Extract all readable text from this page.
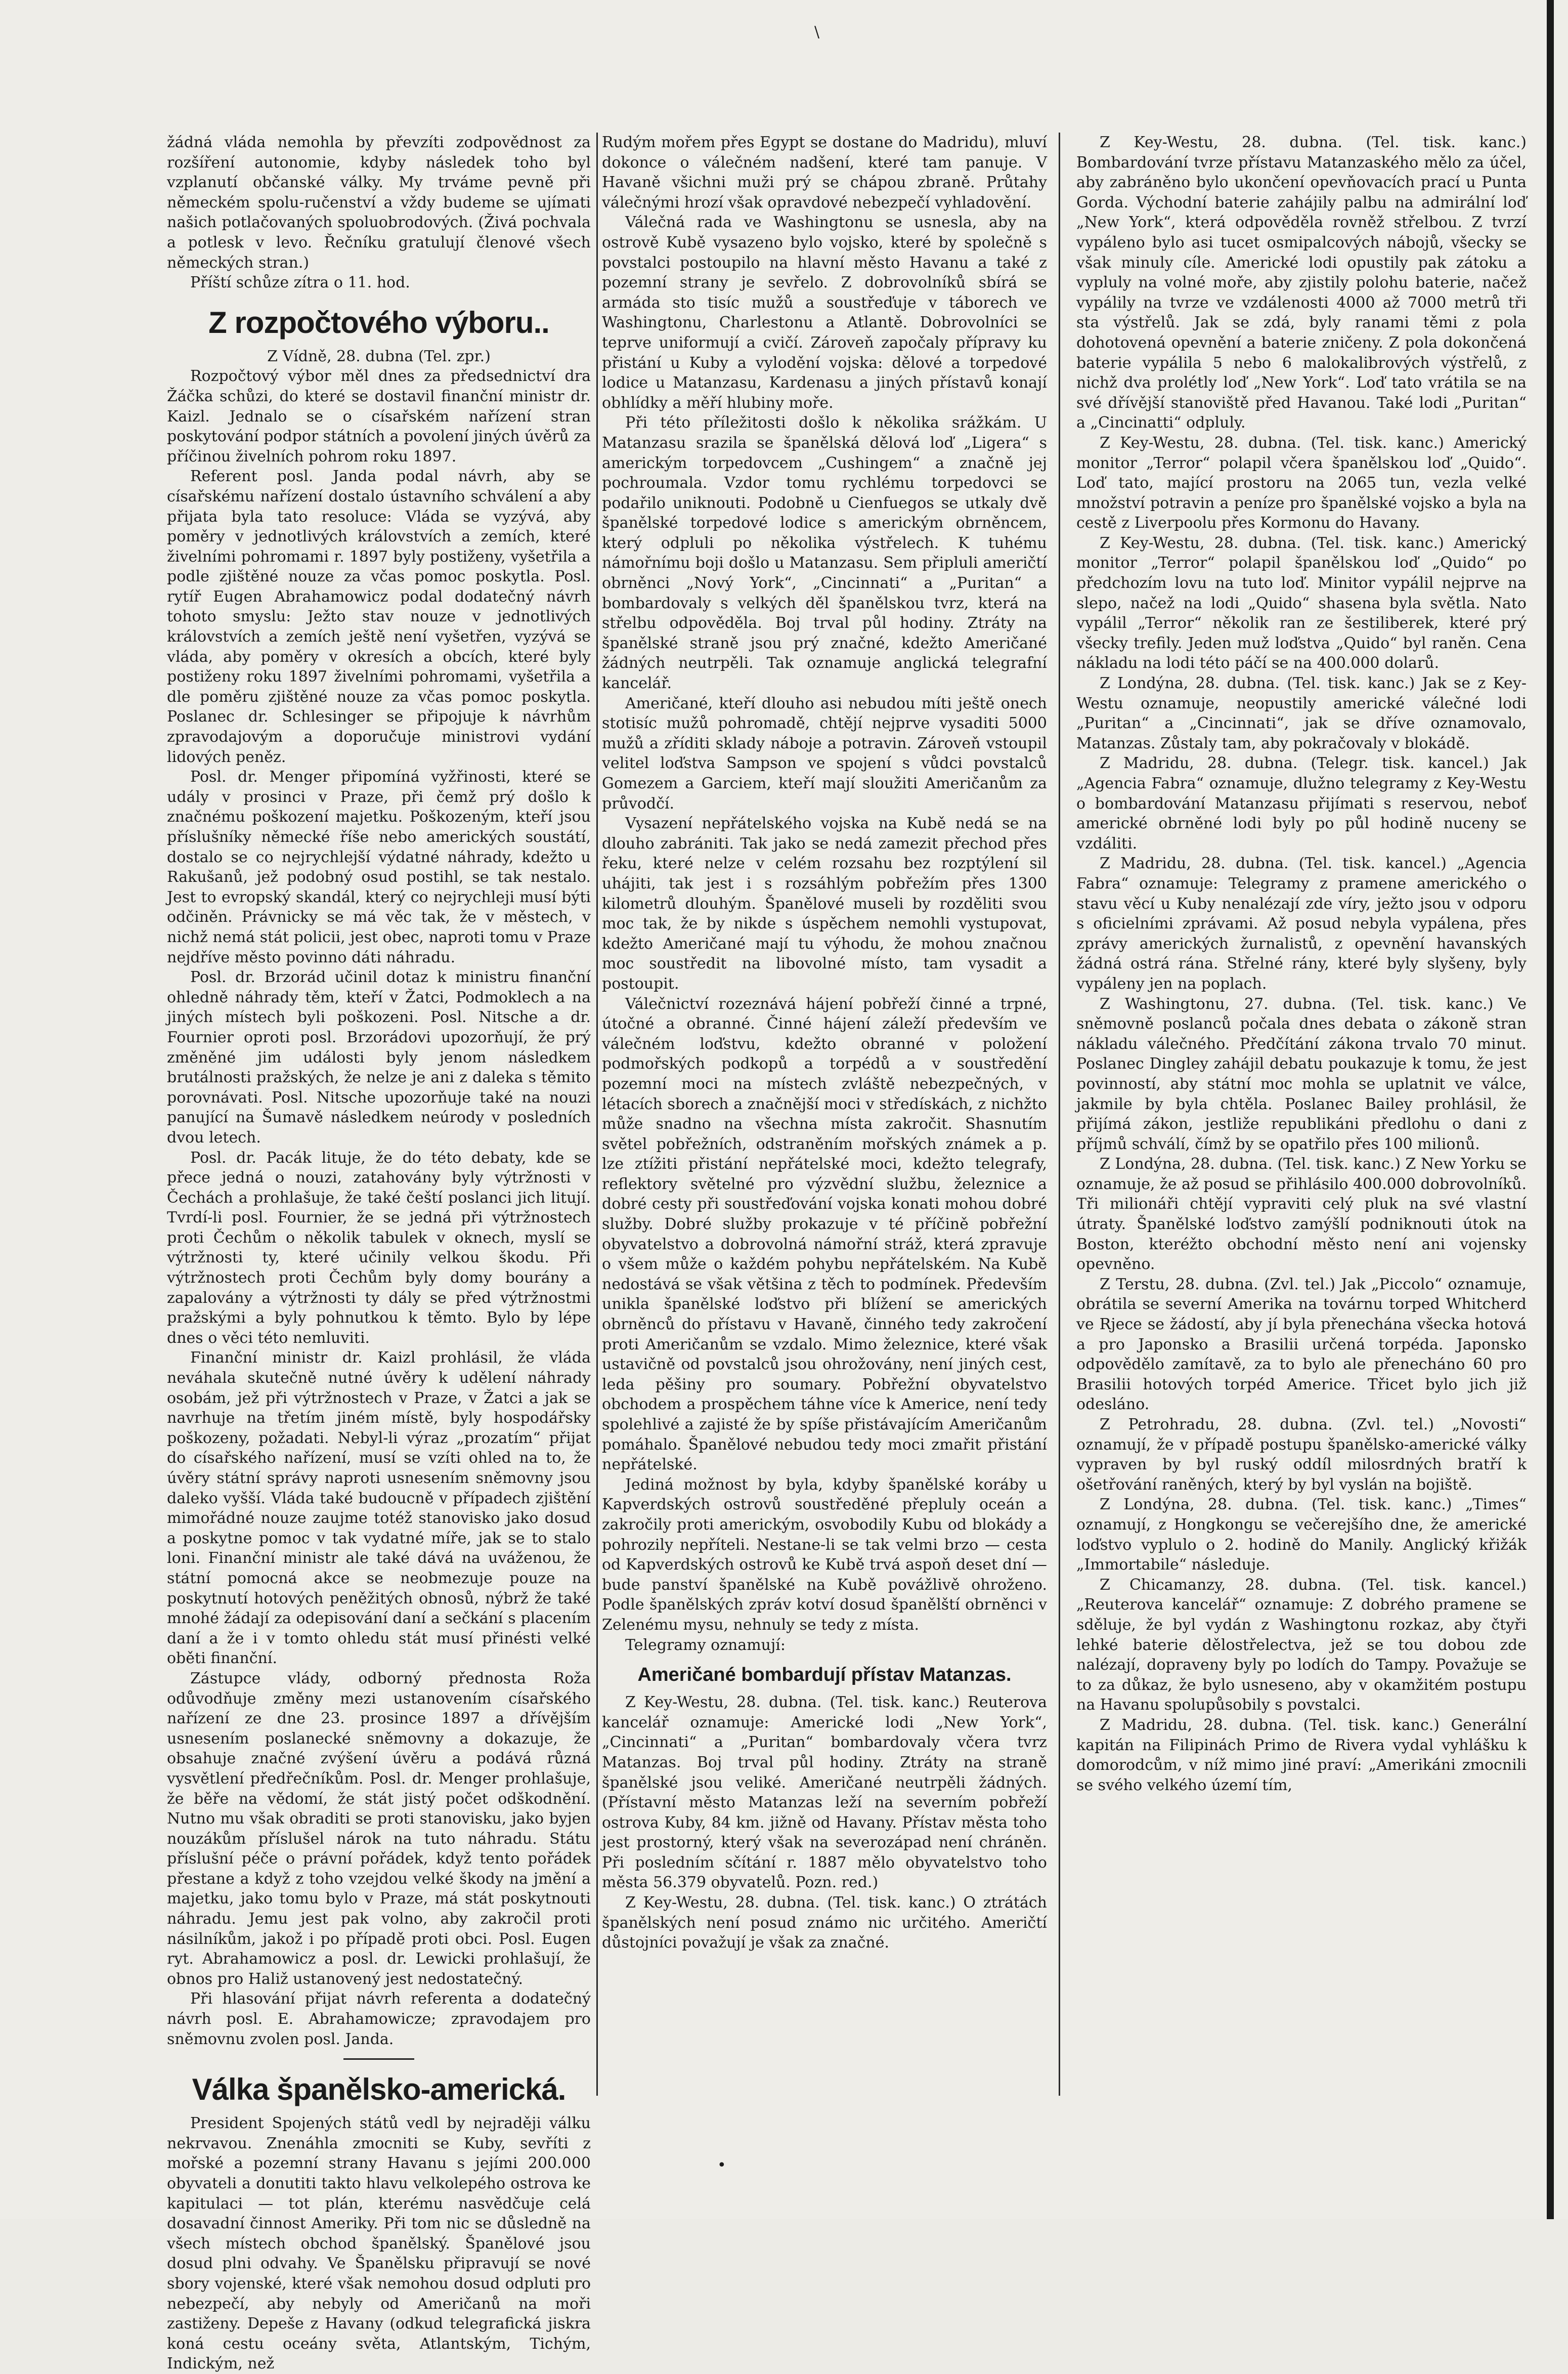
\

žádná vláda nemohla by převzíti zodpovědnost za rozšíření autonomie, kdyby následek toho byl vzplanutí občanské války. My trváme pevně při německém spolu-ručenství a vždy budeme se ujímati našich potlačovaných spoluobrodových. (Živá pochvala a potlesk v levo. Řečníku gratulují členové všech německých stran.)

Příští schůze zítra o 11. hod.

Z rozpočtového výboru..

Z Vídně, 28. dubna (Tel. zpr.)

Rozpočtový výbor měl dnes za předsednictví dra Žáčka schůzi, do které se dostavil finanční ministr dr. Kaizl. Jednalo se o císařském nařízení stran poskytování podpor státních a povolení jiných úvěrů za příčinou živelních pohrom roku 1897.

Referent posl. Janda podal návrh, aby se císařskému nařízení dostalo ústavního schválení a aby přijata byla tato resoluce: Vláda se vyzývá, aby poměry v jednotlivých královstvích a zemích, které živelními pohromami r. 1897 byly postiženy, vyšetřila a podle zjištěné nouze za včas pomoc poskytla. Posl. rytíř Eugen Abrahamowicz podal dodatečný návrh tohoto smyslu: Ježto stav nouze v jednotlivých královstvích a zemích ještě není vyšetřen, vyzývá se vláda, aby poměry v okresích a obcích, které byly postiženy roku 1897 živelními pohromami, vyšetřila a dle poměru zjištěné nouze za včas pomoc poskytla. Poslanec dr. Schlesinger se připojuje k návrhům zpravodajovým a doporučuje ministrovi vydání lidových peněz.

Posl. dr. Menger připomíná vyžřinosti, které se udály v prosinci v Praze, při čemž prý došlo k značnému poškození majetku. Poškozeným, kteří jsou příslušníky německé říše nebo amerických soustátí, dostalo se co nejrychlejší výdatné náhrady, kdežto u Rakušanů, jež podobný osud postihl, se tak nestalo. Jest to evropský skandál, který co nejrychleji musí býti odčiněn. Právnicky se má věc tak, že v městech, v nichž nemá stát policii, jest obec, naproti tomu v Praze nejdříve město povinno dáti náhradu.

Posl. dr. Brzorád učinil dotaz k ministru finanční ohledně náhrady těm, kteří v Žatci, Podmoklech a na jiných místech byli poškozeni. Posl. Nitsche a dr. Fournier oproti posl. Brzorádovi upozorňují, že prý změněné jim události byly jenom následkem brutálnosti pražských, že nelze je ani z daleka s těmito porovnávati. Posl. Nitsche upozorňuje také na nouzi panující na Šumavě následkem neúrody v posledních dvou letech.

Posl. dr. Pacák lituje, že do této debaty, kde se přece jedná o nouzi, zatahovány byly výtržnosti v Čechách a prohlašuje, že také čeští poslanci jich litují. Tvrdí-li posl. Fournier, že se jedná při výtržnostech proti Čechům o několik tabulek v oknech, myslí se výtržnosti ty, které učinily velkou škodu. Při výtržnostech proti Čechům byly domy bourány a zapalovány a výtržnosti ty dály se před výtržnostmi pražskými a byly pohnutkou k těmto. Bylo by lépe dnes o věci této nemluviti.

Finanční ministr dr. Kaizl prohlásil, že vláda neváhala skutečně nutné úvěry k udělení náhrady osobám, jež při výtržnostech v Praze, v Žatci a jak se navrhuje na třetím jiném místě, byly hospodářsky poškozeny, požadati. Nebyl-li výraz „prozatím“ přijat do císařského nařízení, musí se vzíti ohled na to, že úvěry státní správy naproti usnesením sněmovny jsou daleko vyšší. Vláda také budoucně v případech zjištění mimořádné nouze zaujme totéž stanovisko jako dosud a poskytne pomoc v tak vydatné míře, jak se to stalo loni. Finanční ministr ale také dává na uváženou, že státní pomocná akce se neobmezuje pouze na poskytnutí hotových peněžitých obnosů, nýbrž že také mnohé žádají za odepisování daní a sečkání s placením daní a že i v tomto ohledu stát musí přinésti velké oběti finanční.

Zástupce vlády, odborný přednosta Roža odůvodňuje změny mezi ustanovením císařského nařízení ze dne 23. prosince 1897 a dřívějším usnesením poslanecké sněmovny a dokazuje, že obsahuje značné zvýšení úvěru a podává různá vysvětlení předřečníkům. Posl. dr. Menger prohlašuje, že běře na vědomí, že stát jistý počet odškodnění. Nutno mu však obraditi se proti stanovisku, jako byjen nouzákům příslušel nárok na tuto náhradu. Státu příslušní péče o právní pořádek, když tento pořádek přestane a když z toho vzejdou velké škody na jmění a majetku, jako tomu bylo v Praze, má stát poskytnouti náhradu. Jemu jest pak volno, aby zakročil proti násilníkům, jakož i po případě proti obci. Posl. Eugen ryt. Abrahamowicz a posl. dr. Lewicki prohlašují, že obnos pro Haliž ustanovený jest nedostatečný.

Při hlasování přijat návrh referenta a dodatečný návrh posl. E. Abrahamowicze; zpravodajem pro sněmovnu zvolen posl. Janda.

Válka španělsko-americká.

President Spojených států vedl by nejraději válku nekrvavou. Znenáhla zmocniti se Kuby, sevříti z mořské a pozemní strany Havanu s jejími 200.000 obyvateli a donutiti takto hlavu velkolepého ostrova ke kapitulaci — tot plán, kterému nasvědčuje celá dosavadní činnost Ameriky. Při tom nic se důsledně na všech místech obchod španělský. Španělové jsou dosud plni odvahy. Ve Španělsku připravují se nové sbory vojenské, které však nemohou dosud odpluti pro nebezpečí, aby nebyly od Američanů na moři zastiženy. Depeše z Havany (odkud telegrafická jiskra koná cestu oceány světa, Atlantským, Tichým, Indickým, než

Rudým mořem přes Egypt se dostane do Madridu), mluví dokonce o válečném nadšení, které tam panuje. V Havaně všichni muži prý se chápou zbraně. Průtahy válečnými hrozí však opravdové nebezpečí vyhladovění.

Válečná rada ve Washingtonu se usnesla, aby na ostrově Kubě vysazeno bylo vojsko, které by společně s povstalci postoupilo na hlavní město Havanu a také z pozemní strany je sevřelo. Z dobrovolníků sbírá se armáda sto tisíc mužů a soustřeďuje v táborech ve Washingtonu, Charlestonu a Atlantě. Dobrovolníci se teprve uniformují a cvičí. Zároveň započaly přípravy ku přistání u Kuby a vylodění vojska: dělové a torpedové lodice u Matanzasu, Kardenasu a jiných přístavů konají obhlídky a měří hlubiny moře.

Při této příležitosti došlo k několika srážkám. U Matanzasu srazila se španělská dělová loď „Ligera“ s americkým torpedovcem „Cushingem“ a značně jej pochroumala. Vzdor tomu rychlému torpedovci se podařilo uniknouti. Podobně u Cienfuegos se utkaly dvě španělské torpedové lodice s americkým obrněncem, který odpluli po několika výstřelech. K tuhému námořnímu boji došlo u Matanzasu. Sem připluli američtí obrněnci „Nový York“, „Cincinnati“ a „Puritan“ a bombardovaly s velkých děl španělskou tvrz, která na střelbu odpověděla. Boj trval půl hodiny. Ztráty na španělské straně jsou prý značné, kdežto Američané žádných neutrpěli. Tak oznamuje anglická telegrafní kancelář.

Američané, kteří dlouho asi nebudou míti ještě onech stotisíc mužů pohromadě, chtějí nejprve vysaditi 5000 mužů a zříditi sklady náboje a potravin. Zároveň vstoupil velitel loďstva Sampson ve spojení s vůdci povstalců Gomezem a Garciem, kteří mají sloužiti Američanům za průvodčí.

Vysazení nepřátelského vojska na Kubě nedá se na dlouho zabrániti. Tak jako se nedá zamezit přechod přes řeku, které nelze v celém rozsahu bez rozptýlení sil uhájiti, tak jest i s rozsáhlým pobřežím přes 1300 kilometrů dlouhým. Španělové museli by rozděliti svou moc tak, že by nikde s úspěchem nemohli vystupovat, kdežto Američané mají tu výhodu, že mohou značnou moc soustředit na libovolné místo, tam vysadit a postoupit.

Válečnictví rozeznává hájení pobřeží činné a trpné, útočné a obranné. Činné hájení záleží především ve válečném loďstvu, kdežto obranné v položení podmořských podkopů a torpédů a v soustředění pozemní moci na místech zvláště nebezpečných, v létacích sborech a značnější moci v středískách, z nichžto může snadno na všechna místa zakročit. Shasnutím světel pobřežních, odstraněním mořských známek a p. lze ztížiti přistání nepřátelské moci, kdežto telegrafy, reflektory světelné pro výzvědní službu, železnice a dobré cesty při soustřeďování vojska konati mohou dobré služby. Dobré služby prokazuje v té příčině pobřežní obyvatelstvo a dobrovolná námořní stráž, která zpravuje o všem může o každém pohybu nepřátelském. Na Kubě nedostává se však většina z těch to podmínek. Především unikla španělské loďstvo při blížení se amerických obrněnců do přístavu v Havaně, činného tedy zakročení proti Američanům se vzdalo. Mimo železnice, které však ustavičně od povstalců jsou ohrožovány, není jiných cest, leda pěšiny pro soumary. Pobřežní obyvatelstvo obchodem a prospěchem táhne více k Americe, není tedy spolehlivé a zajisté že by spíše přistávajícím Američanům pomáhalo. Španělové nebudou tedy moci zmařit přistání nepřátelské.

Jediná možnost by byla, kdyby španělské koráby u Kapverdských ostrovů soustředěné přepluly oceán a zakročily proti americkým, osvobodily Kubu od blokády a pohrozily nepříteli. Nestane-li se tak velmi brzo — cesta od Kapverdských ostrovů ke Kubě trvá aspoň deset dní — bude panství španělské na Kubě povážlivě ohroženo. Podle španělských zpráv kotví dosud španělští obrněnci v Zelenému mysu, nehnuly se tedy z místa.

Telegramy oznamují:

Američané bombardují přístav Matanzas.

Z Key-Westu, 28. dubna. (Tel. tisk. kanc.) Reuterova kancelář oznamuje: Americké lodi „New York“, „Cincinnati“ a „Puritan“ bombardovaly včera tvrz Matanzas. Boj trval půl hodiny. Ztráty na straně španělské jsou veliké. Američané neutrpěli žádných. (Přístavní město Matanzas leží na severním pobřeží ostrova Kuby, 84 km. jižně od Havany. Přístav města toho jest prostorný, který však na severozápad není chráněn. Při posledním sčítání r. 1887 mělo obyvatelstvo toho města 56.379 obyvatelů. Pozn. red.)

Z Key-Westu, 28. dubna. (Tel. tisk. kanc.) O ztrátách španělských není posud známo nic určitého. Američtí důstojníci považují je však za značné.

Z Key-Westu, 28. dubna. (Tel. tisk. kanc.) Bombardování tvrze přístavu Matanzaského mělo za účel, aby zabráněno bylo ukončení opevňovacích prací u Punta Gorda. Východní baterie zahájily palbu na admirální loď „New York“, která odpověděla rovněž střelbou. Z tvrzí vypáleno bylo asi tucet osmipalcových nábojů, všecky se však minuly cíle. Americké lodi opustily pak zátoku a vypluly na volné moře, aby zjistily polohu baterie, načež vypálily na tvrze ve vzdálenosti 4000 až 7000 metrů tři sta výstřelů. Jak se zdá, byly ranami těmi z pola dohotovená opevnění a baterie zničeny. Z pola dokončená baterie vypálila 5 nebo 6 malokalibrových výstřelů, z nichž dva prolétly loď „New York“. Loď tato vrátila se na své dřívější stanoviště před Havanou. Také lodi „Puritan“ a „Cincinatti“ odpluly.

Z Key-Westu, 28. dubna. (Tel. tisk. kanc.) Americký monitor „Terror“ polapil včera španělskou loď „Quido“. Loď tato, mající prostoru na 2065 tun, vezla velké množství potravin a peníze pro španělské vojsko a byla na cestě z Liverpoolu přes Kormonu do Havany.

Z Key-Westu, 28. dubna. (Tel. tisk. kanc.) Americký monitor „Terror“ polapil španělskou loď „Quido“ po předchozím lovu na tuto loď. Minitor vypálil nejprve na slepo, načež na lodi „Quido“ shasena byla světla. Nato vypálil „Terror“ několik ran ze šestiliberek, které prý všecky trefily. Jeden muž loďstva „Quido“ byl raněn. Cena nákladu na lodi této páčí se na 400.000 dolarů.

Z Londýna, 28. dubna. (Tel. tisk. kanc.) Jak se z Key-Westu oznamuje, neopustily americké válečné lodi „Puritan“ a „Cincinnati“, jak se dříve oznamovalo, Matanzas. Zůstaly tam, aby pokračovaly v blokádě.

Z Madridu, 28. dubna. (Telegr. tisk. kancel.) Jak „Agencia Fabra“ oznamuje, dlužno telegramy z Key-Westu o bombardování Matanzasu přijímati s reservou, neboť americké obrněné lodi byly po půl hodině nuceny se vzdáliti.

Z Madridu, 28. dubna. (Tel. tisk. kancel.) „Agencia Fabra“ oznamuje: Telegramy z pramene amerického o stavu věcí u Kuby nenalézají zde víry, ježto jsou v odporu s oficielními zprávami. Až posud nebyla vypálena, přes zprávy amerických žurnalistů, z opevnění havanských žádná ostrá rána. Střelné rány, které byly slyšeny, byly vypáleny jen na poplach.

Z Washingtonu, 27. dubna. (Tel. tisk. kanc.) Ve sněmovně poslanců počala dnes debata o zákoně stran nákladu válečného. Předčítání zákona trvalo 70 minut. Poslanec Dingley zahájil debatu poukazuje k tomu, že jest povinností, aby státní moc mohla se uplatnit ve válce, jakmile by byla chtěla. Poslanec Bailey prohlásil, že přijímá zákon, jestliže republikáni předlohu o dani z příjmů schválí, čímž by se opatřilo přes 100 milionů.

Z Londýna, 28. dubna. (Tel. tisk. kanc.) Z New Yorku se oznamuje, že až posud se přihlásilo 400.000 dobrovolníků. Tři milionáři chtějí vypraviti celý pluk na své vlastní útraty. Španělské loďstvo zamýšlí podniknouti útok na Boston, kteréžto obchodní město není ani vojensky opevněno.

Z Terstu, 28. dubna. (Zvl. tel.) Jak „Piccolo“ oznamuje, obrátila se severní Amerika na továrnu torped Whitcherd ve Rjece se žádostí, aby jí byla přenechána všecka hotová a pro Japonsko a Brasilii určená torpéda. Japonsko odpovědělo zamítavě, za to bylo ale přenecháno 60 pro Brasilii hotových torpéd Americe. Třicet bylo jich již odesláno.

Z Petrohradu, 28. dubna. (Zvl. tel.) „Novosti“ oznamují, že v případě postupu španělsko-americké války vypraven by byl ruský oddíl milosrdných bratří k ošetřování raněných, který by byl vyslán na bojiště.

Z Londýna, 28. dubna. (Tel. tisk. kanc.) „Times“ oznamují, z Hongkongu se večerejšího dne, že americké loďstvo vyplulo o 2. hodině do Manily. Anglický křižák „Immortabile“ následuje.

Z Chicamanzy, 28. dubna. (Tel. tisk. kancel.) „Reuterova kancelář“ oznamuje: Z dobrého pramene se sděluje, že byl vydán z Washingtonu rozkaz, aby čtyři lehké baterie dělostřelectva, jež se tou dobou zde nalézají, dopraveny byly po lodích do Tampy. Považuje se to za důkaz, že bylo usneseno, aby v okamžitém postupu na Havanu spolupůsobily s povstalci.

Z Madridu, 28. dubna. (Tel. tisk. kanc.) Generální kapitán na Filipinách Primo de Rivera vydal vyhlášku k domorodcům, v níž mimo jiné praví: „Amerikáni zmocnili se svého velkého území tím,

•
